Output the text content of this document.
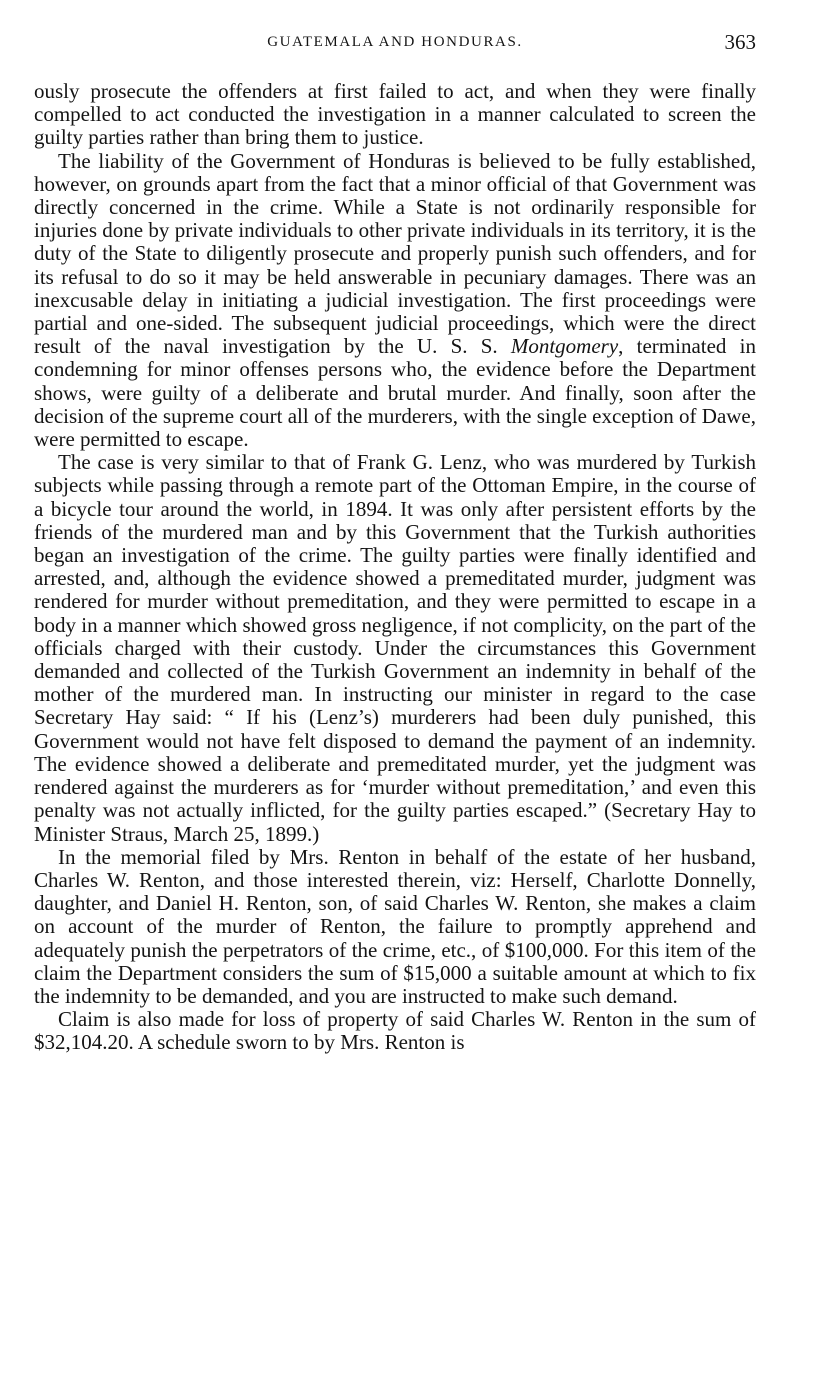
GUATEMALA AND HONDURAS.	363

ously prosecute the offenders at first failed to act, and when they were finally compelled to act conducted the investigation in a manner calculated to screen the guilty parties rather than bring them to justice.

The liability of the Government of Honduras is believed to be fully established, however, on grounds apart from the fact that a minor official of that Government was directly concerned in the crime. While a State is not ordinarily responsible for injuries done by private individuals to other private individuals in its territory, it is the duty of the State to diligently prosecute and properly punish such offenders, and for its refusal to do so it may be held answerable in pecuniary damages. There was an inexcusable delay in initiating a judicial investigation. The first proceedings were partial and one-sided. The subsequent judicial proceedings, which were the direct result of the naval investigation by the U. S. S. Montgomery, terminated in condemning for minor offenses persons who, the evidence before the Department shows, were guilty of a deliberate and brutal murder. And finally, soon after the decision of the supreme court all of the murderers, with the single exception of Dawe, were permitted to escape.

The case is very similar to that of Frank G. Lenz, who was murdered by Turkish subjects while passing through a remote part of the Ottoman Empire, in the course of a bicycle tour around the world, in 1894. It was only after persistent efforts by the friends of the murdered man and by this Government that the Turkish authorities began an investigation of the crime. The guilty parties were finally identified and arrested, and, although the evidence showed a premeditated murder, judgment was rendered for murder without premeditation, and they were permitted to escape in a body in a manner which showed gross negligence, if not complicity, on the part of the officials charged with their custody. Under the circumstances this Government demanded and collected of the Turkish Government an indemnity in behalf of the mother of the murdered man. In instructing our minister in regard to the case Secretary Hay said: “ If his (Lenz’s) murderers had been duly punished, this Government would not have felt disposed to demand the payment of an indemnity. The evidence showed a deliberate and premeditated murder, yet the judgment was rendered against the murderers as for ‘murder without premeditation,’ and even this penalty was not actually inflicted, for the guilty parties escaped.” (Secretary Hay to Minister Straus, March 25, 1899.)

In the memorial filed by Mrs. Renton in behalf of the estate of her husband, Charles W. Renton, and those interested therein, viz: Herself, Charlotte Donnelly, daughter, and Daniel H. Renton, son, of said Charles W. Renton, she makes a claim on account of the murder of Renton, the failure to promptly apprehend and adequately punish the perpetrators of the crime, etc., of $100,000. For this item of the claim the Department considers the sum of $15,000 a suitable amount at which to fix the indemnity to be demanded, and you are instructed to make such demand.

Claim is also made for loss of property of said Charles W. Renton in the sum of $32,104.20. A schedule sworn to by Mrs. Renton is
